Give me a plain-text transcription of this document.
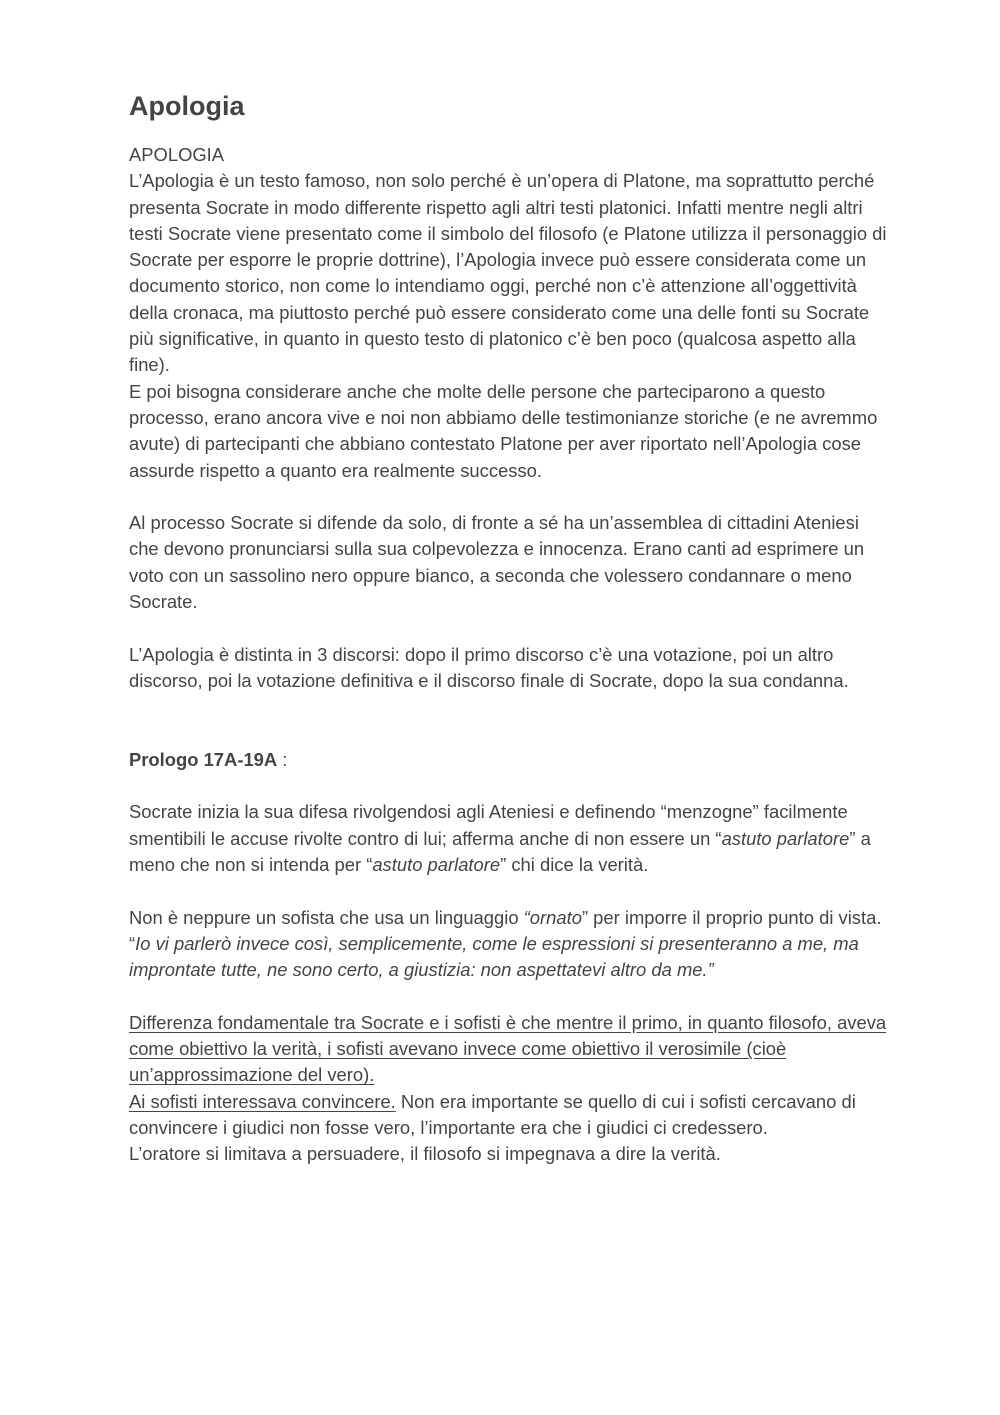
Apologia

APOLOGIA

L’Apologia è un testo famoso, non solo perché è un’opera di Platone, ma soprattutto perché presenta Socrate in modo differente rispetto agli altri testi platonici. Infatti mentre negli altri testi Socrate viene presentato come il simbolo del filosofo (e Platone utilizza il personaggio di Socrate per esporre le proprie dottrine), l’Apologia invece può essere considerata come un documento storico, non come lo intendiamo oggi, perché non c’è attenzione all’oggettività della cronaca, ma piuttosto perché può essere considerato come una delle fonti su Socrate più significative, in quanto in questo testo di platonico c’è ben poco (qualcosa aspetto alla fine).

E poi bisogna considerare anche che molte delle persone che parteciparono a questo processo, erano ancora vive e noi non abbiamo delle testimonianze storiche (e ne avremmo avute) di partecipanti che abbiano contestato Platone per aver riportato nell’Apologia cose assurde rispetto a quanto era realmente successo.

Al processo Socrate si difende da solo, di fronte a sé ha un’assemblea di cittadini Ateniesi che devono pronunciarsi sulla sua colpevolezza e innocenza. Erano canti ad esprimere un voto con un sassolino nero oppure bianco, a seconda che volessero condannare o meno Socrate.

L’Apologia è distinta in 3 discorsi: dopo il primo discorso c’è una votazione, poi un altro discorso, poi la votazione definitiva e il discorso finale di Socrate, dopo la sua condanna.

Prologo 17A-19A :

Socrate inizia la sua difesa rivolgendosi agli Ateniesi e definendo “menzogne” facilmente smentibili le accuse rivolte contro di lui; afferma anche di non essere un “astuto parlatore” a meno che non si intenda per “astuto parlatore” chi dice la verità.

Non è neppure un sofista che usa un linguaggio “ornato” per imporre il proprio punto di vista. “Io vi parlerò invece così, semplicemente, come le espressioni si presenteranno a me, ma improntate tutte, ne sono certo, a giustizia: non aspettatevi altro da me.”

Differenza fondamentale tra Socrate e i sofisti è che mentre il primo, in quanto filosofo, aveva come obiettivo la verità, i sofisti avevano invece come obiettivo il verosimile (cioè un’approssimazione del vero).

Ai sofisti interessava convincere. Non era importante se quello di cui i sofisti cercavano di convincere i giudici non fosse vero, l’importante era che i giudici ci credessero.

L’oratore si limitava a persuadere, il filosofo si impegnava a dire la verità.
